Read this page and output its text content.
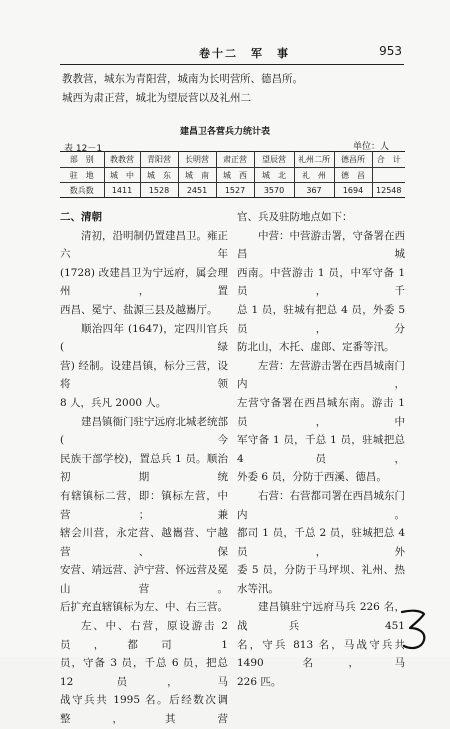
卷十二　军　事	953
教教营，城东为青阳营，城南为长明营
城西为肃正营，城北为望辰营以及礼州二
所、德昌所。
建昌卫各营兵力统计表
表 12－1	单位：人
部　别	教教营	青阳营	长明营	肃正营	望辰营	礼州二所	德昌所	合　计
驻　地	城　中	城　东	城　南	城　西	城　北	礼　州	德　昌	
数兵数	1411	1528	2451	1527	3570	367	1694	12548

二、清朝

清初，沿明制仍置建昌卫。雍正六年

(1728) 改建昌卫为宁远府，属会理州，置

西昌、冕宁、盐源三县及越巂厅。

顺治四年 (1647)，定四川官兵 (绿

营) 经制。设建昌镇，标分三营，设将领

8 人，兵凡 2000 人。

建昌镇衙门驻宁远府北城老统部 (今

民族干部学校)，置总兵 1 员。顺治初期统

有辖镇标二营，即：镇标左营，中营；兼

辖会川营，永定营、越巂营、宁越营、保

安营、靖远营、泸宁营、怀远营及冕山营。

后扩充直辖镇标为左、中、右三营。

左、中、右营，原设游击 2 员，都司 1

员，守备 3 员，千总 6 员，把总 12 员，马

战守兵共 1995 名。后经数次调整，其营

官、兵及驻防地点如下：

中营：中营游击署，守备署在西昌城

西南。中营游击 1 员，中军守备 1 员，千

总 1 员，驻城有把总 4 员，外委 5 员，分

防北山，木托、虚郎、定番等汛。

左营：左营游击署在西昌城南门内，

左营守备署在西昌城东南。游击 1 员，中

军守备 1 员，千总 1 员，驻城把总 4 员，

外委 6 员，分防于西溪、德昌。

右营：右营都司署在西昌城东门内。

都司 1 员，千总 2 员，驻城把总 4 员，外

委 5 员，分防于马坪坝、礼州、热水等汛。

建昌镇驻宁远府马兵 226 名，战兵 451

名，守兵 813 名，马战守兵共 1490 名，马

226 匹。
